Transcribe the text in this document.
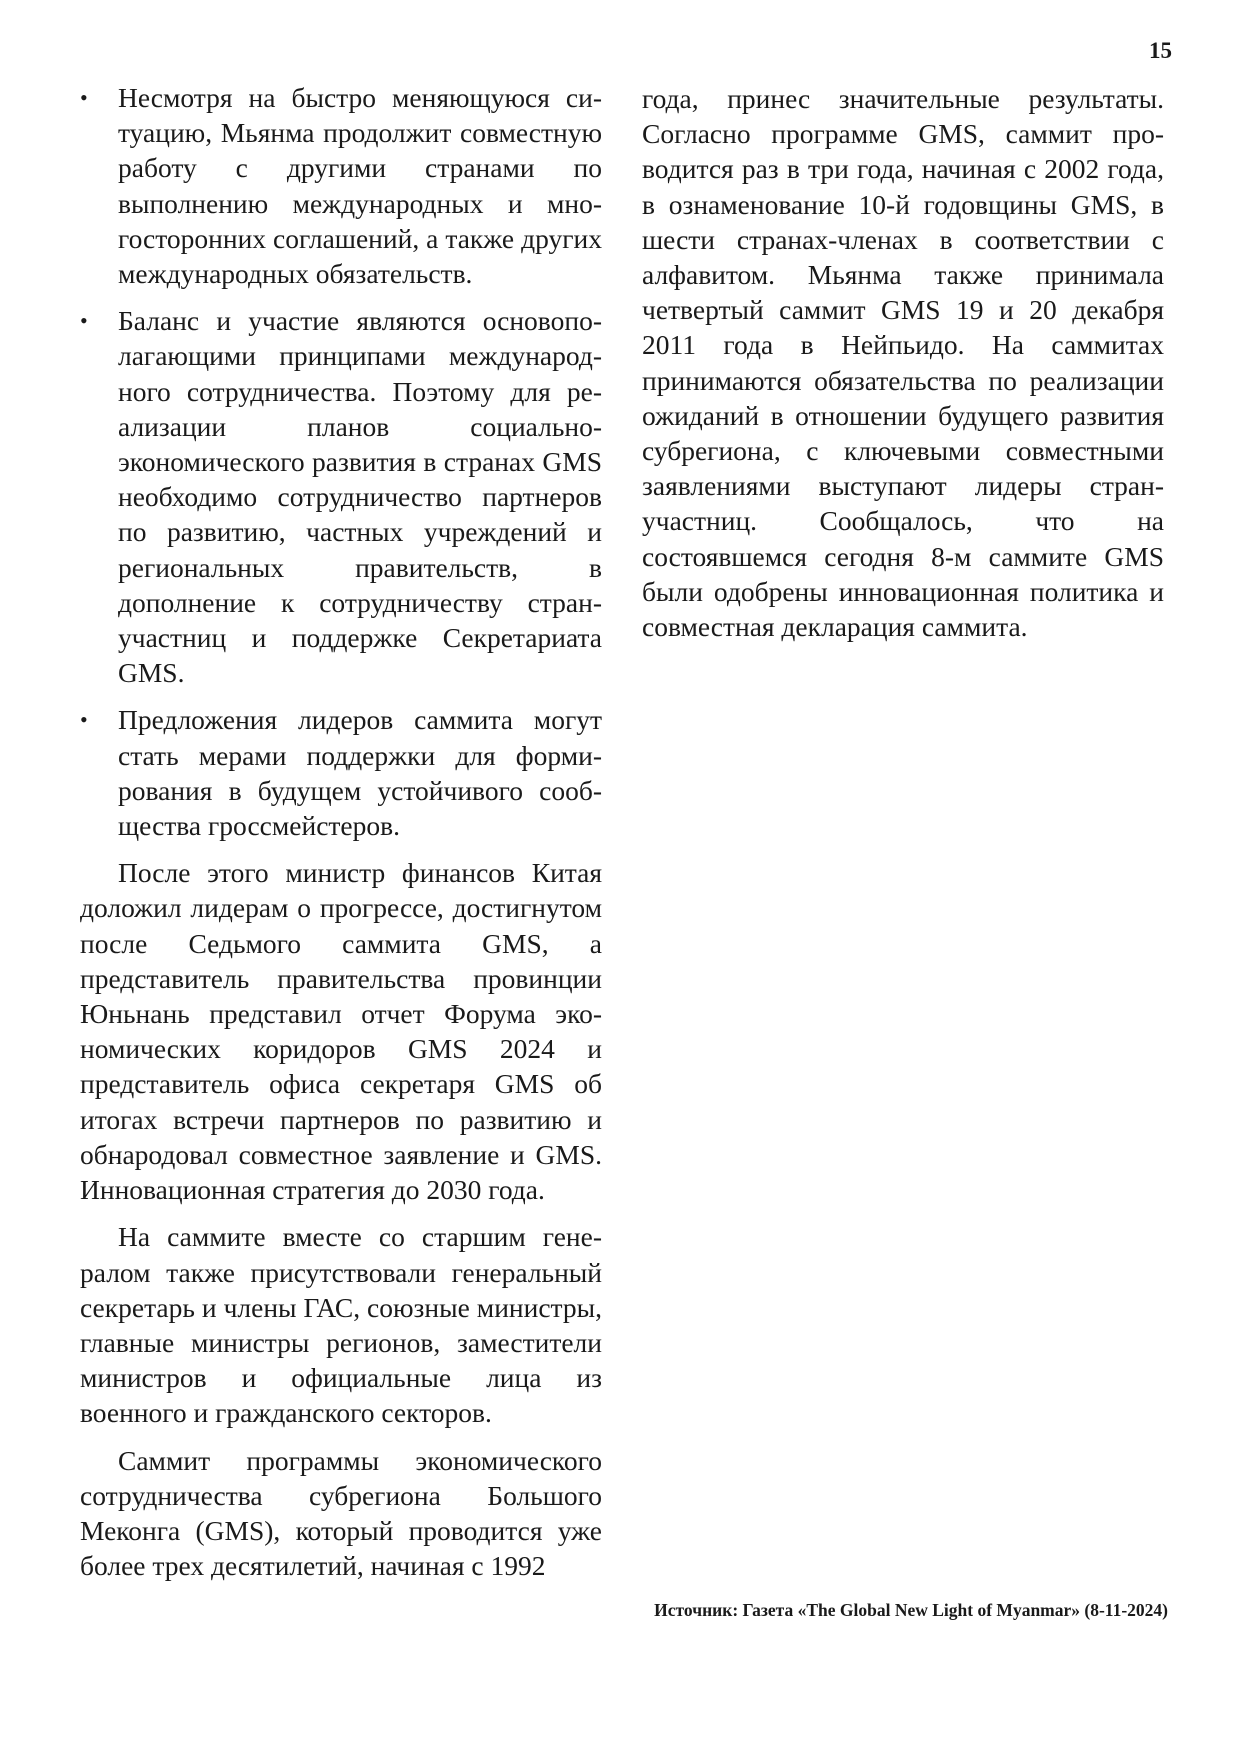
15
• Несмотря на быстро меняющуюся ситуацию, Мьянма продолжит совместную работу с другими странами по выполнению международных и многосторонних соглашений, а также других международных обязательств.
• Баланс и участие являются основополагающими принципами международного сотрудничества. Поэтому для реализации планов социально-экономического развития в странах GMS необходимо сотрудничество партнеров по развитию, частных учреждений и региональных правительств, в дополнение к сотрудничеству стран-участниц и поддержке Секретариата GMS.
• Предложения лидеров саммита могут стать мерами поддержки для формирования в будущем устойчивого сообщества гроссмейстеров.

После этого министр финансов Китая доложил лидерам о прогрессе, достигнутом после Седьмого саммита GMS, а представитель правительства провинции Юньнань представил отчет Форума экономических коридоров GMS 2024 и представитель офиса секретаря GMS об итогах встречи партнеров по развитию и обнародовал совместное заявление и GMS. Инновационная стратегия до 2030 года.

На саммите вместе со старшим генералом также присутствовали генеральный секретарь и члены ГАС, союзные министры, главные министры регионов, заместители министров и официальные лица из военного и гражданского секторов.

Саммит программы экономического сотрудничества субрегиона Большого Меконга (GMS), который проводится уже более трех десятилетий, начиная с 1992

года, принес значительные результаты. Согласно программе GMS, саммит проводится раз в три года, начиная с 2002 года, в ознаменование 10-й годовщины GMS, в шести странах-членах в соответствии с алфавитом. Мьянма также принимала четвертый саммит GMS 19 и 20 декабря 2011 года в Нейпьидо. На саммитах принимаются обязательства по реализации ожиданий в отношении будущего развития субрегиона, с ключевыми совместными заявлениями выступают лидеры стран-участниц. Сообщалось, что на состоявшемся сегодня 8-м саммите GMS были одобрены инновационная политика и совместная декларация саммита.

Источник: Газета «The Global New Light of Myanmar» (8-11-2024)
